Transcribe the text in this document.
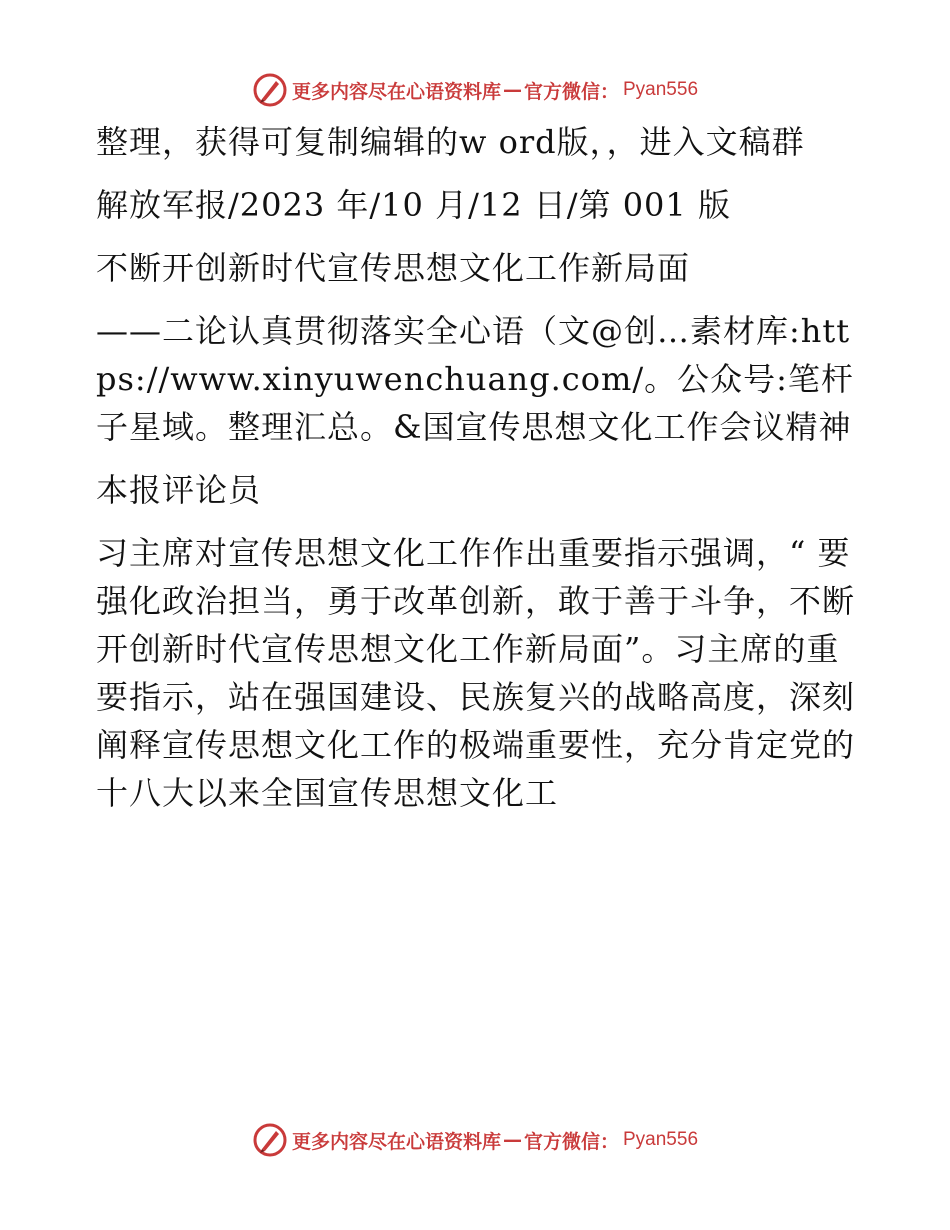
更多内容尽在心语资料库 — 官方微信： Pyan556

整理，获得可复制编辑的w ord版，，进入文稿群

解放军报/2023 年/10 月/12 日/第 001 版

不断开创新时代宣传思想文化工作新局面

——二论认真贯彻落实全心语（文@创…素材库:https://www.xinyuwenchuang.com/。公众号:笔杆子星域。整理汇总。&国宣传思想文化工作会议精神

本报评论员

习主席对宣传思想文化工作作出重要指示强调，“ 要强化政治担当，勇于改革创新，敢于善于斗争，不断开创新时代宣传思想文化工作新局面”。习主席的重要指示，站在强国建设、民族复兴的战略高度，深刻阐释宣传思想文化工作的极端重要性，充分肯定党的十八大以来全国宣传思想文化工

更多内容尽在心语资料库 — 官方微信： Pyan556
